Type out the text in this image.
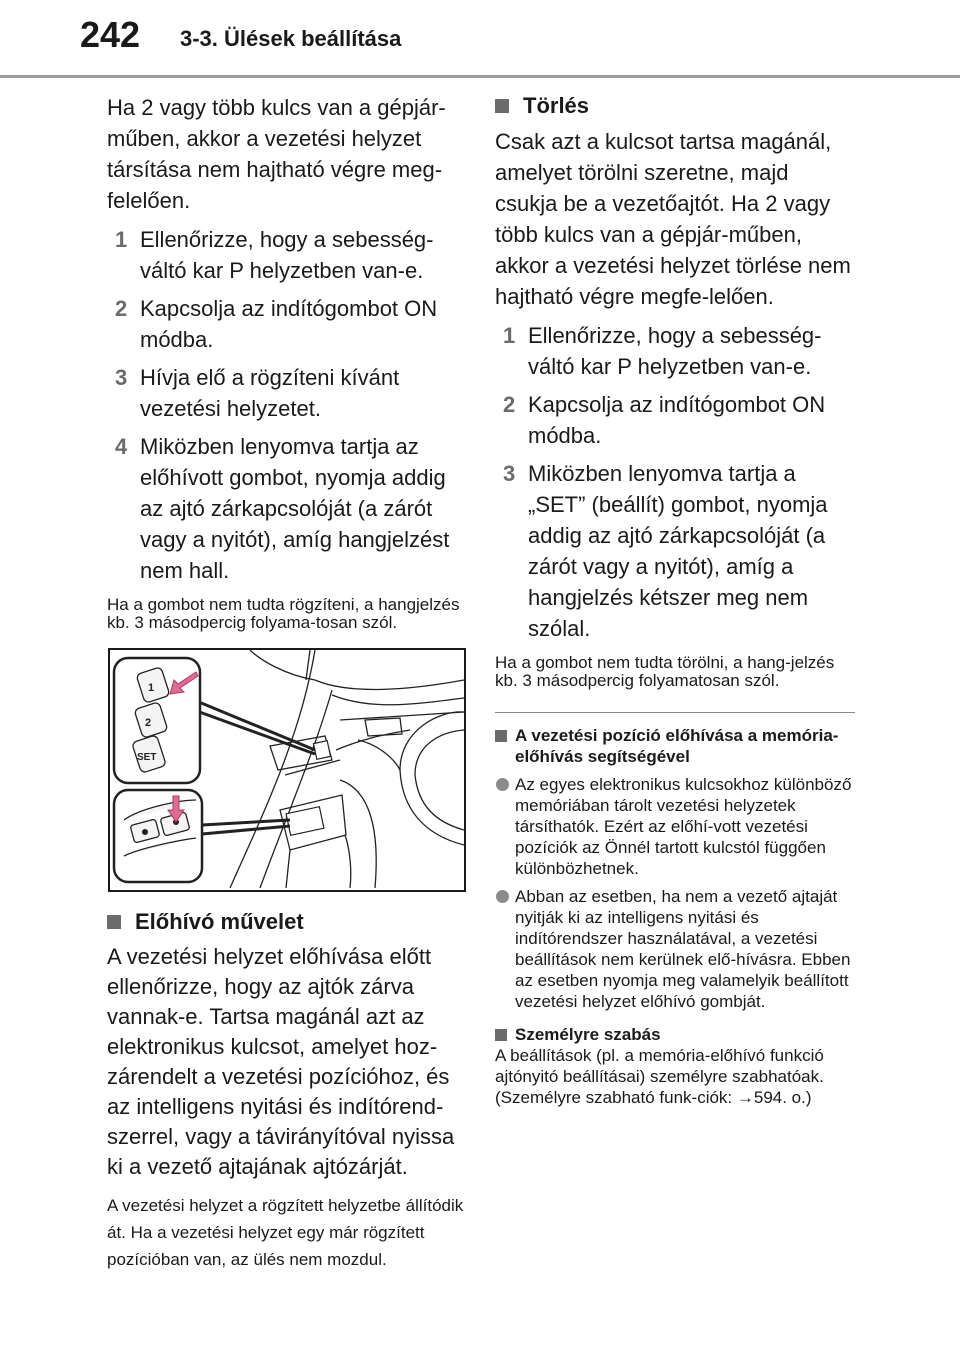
242 3-3. Ülések beállítása

Ha 2 vagy több kulcs van a gépjár-műben, akkor a vezetési helyzet társítása nem hajtható végre meg-felelően.

1 Ellenőrizze, hogy a sebesség-váltó kar P helyzetben van-e.
2 Kapcsolja az indítógombot ON módba.
3 Hívja elő a rögzíteni kívánt vezetési helyzetet.
4 Miközben lenyomva tartja az előhívott gombot, nyomja addig az ajtó zárkapcsolóját (a zárót vagy a nyitót), amíg hangjelzést nem hall.

Ha a gombot nem tudta rögzíteni, a hangjelzés kb. 3 másodpercig folyama-tosan szól.

1
2
SET
Előhívó művelet

A vezetési helyzet előhívása előtt ellenőrizze, hogy az ajtók zárva vannak-e. Tartsa magánál azt az elektronikus kulcsot, amelyet hoz-zárendelt a vezetési pozícióhoz, és az intelligens nyitási és indítórend-szerrel, vagy a távirányítóval nyissa ki a vezető ajtajának ajtózárját.

A vezetési helyzet a rögzített helyzetbe állítódik át. Ha a vezetési helyzet egy már rögzített pozícióban van, az ülés nem mozdul.

Törlés

Csak azt a kulcsot tartsa magánál, amelyet törölni szeretne, majd csukja be a vezetőajtót. Ha 2 vagy több kulcs van a gépjár-műben, akkor a vezetési helyzet törlése nem hajtható végre megfe-lelően.

1 Ellenőrizze, hogy a sebesség-váltó kar P helyzetben van-e.
2 Kapcsolja az indítógombot ON módba.
3 Miközben lenyomva tartja a „SET” (beállít) gombot, nyomja addig az ajtó zárkapcsolóját (a zárót vagy a nyitót), amíg a hangjelzés kétszer meg nem szólal.

Ha a gombot nem tudta törölni, a hang-jelzés kb. 3 másodpercig folyamatosan szól.

A vezetési pozíció előhívása a memória-előhívás segítségével
Az egyes elektronikus kulcsokhoz különböző memóriában tárolt vezetési helyzetek társíthatók. Ezért az előhí-vott vezetési pozíciók az Önnél tartott kulcstól függően különbözhetnek.
Abban az esetben, ha nem a vezető ajtaját nyitják ki az intelligens nyitási és indítórendszer használatával, a vezetési beállítások nem kerülnek elő-hívásra. Ebben az esetben nyomja meg valamelyik beállított vezetési helyzet előhívó gombját.
Személyre szabás

A beállítások (pl. a memória-előhívó funkció ajtónyitó beállításai) személyre szabhatóak. (Személyre szabható funk-ciók: →594. o.)
